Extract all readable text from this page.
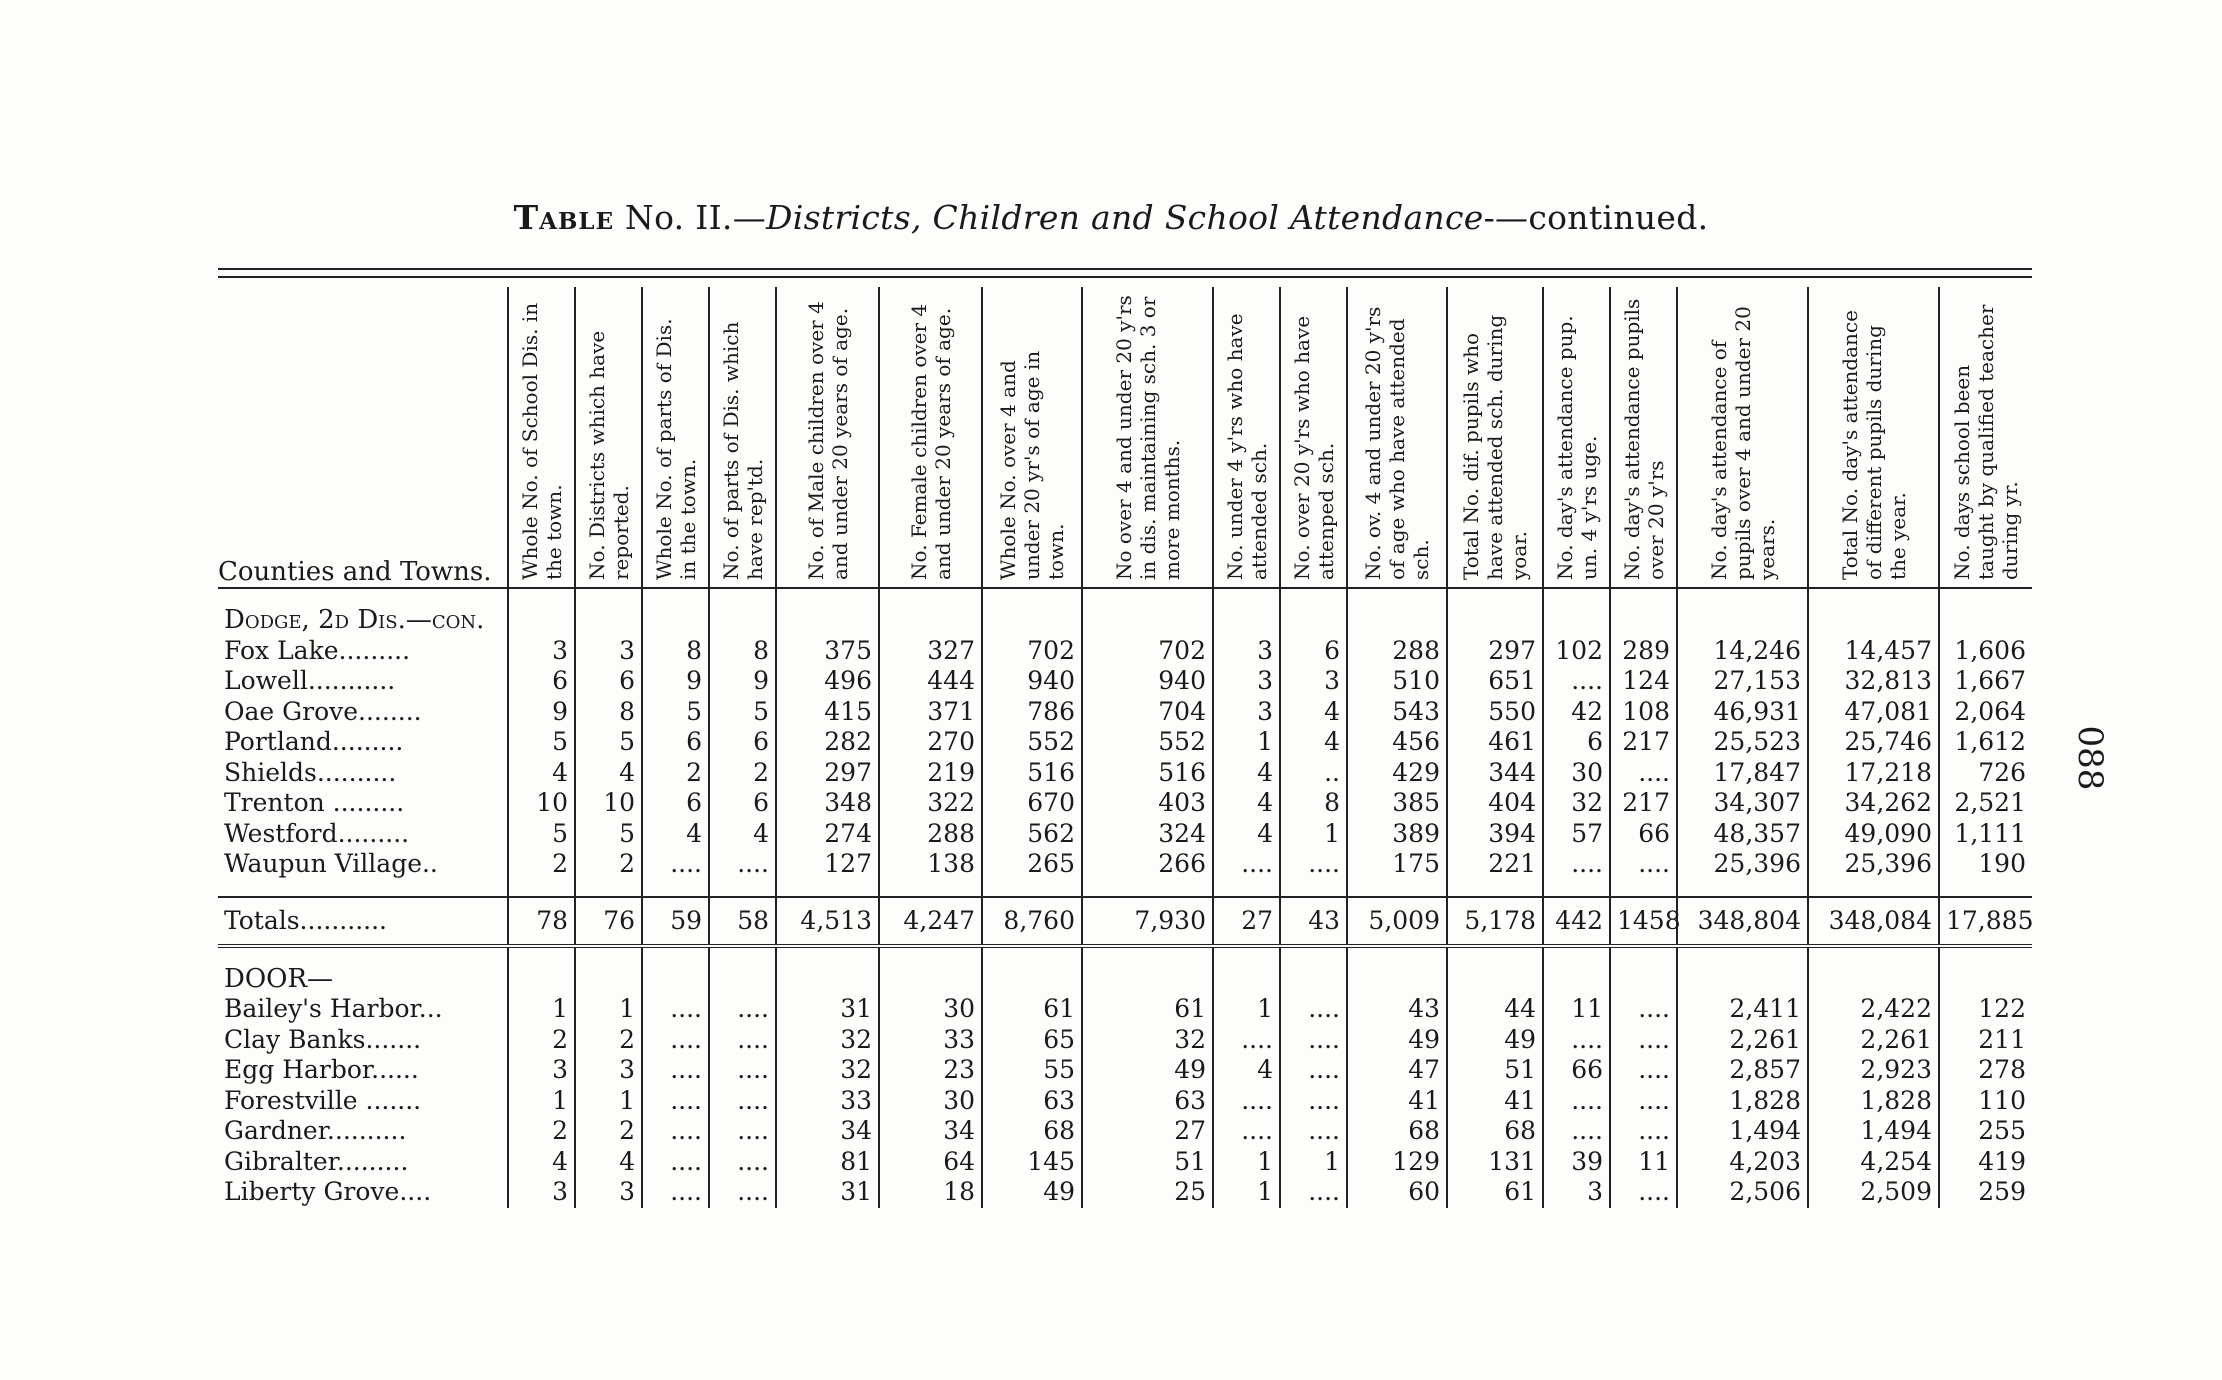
Table No. II.—Districts, Children and School Attendance-—continued.
088
Counties and Towns.	Whole No. of School Dis. in the town.	No. Districts which have reported.	Whole No. of parts of Dis. in the town.	No. of parts of Dis. which have rep'td.	No. of Male children over 4 and under 20 years of age.	No. Female children over 4 and under 20 years of age.	Whole No. over 4 and under 20 yr's of age in town.	No over 4 and under 20 y'rs in dis. maintaining sch. 3 or more months.	No. under 4 y'rs who have attended sch.	No. over 20 y'rs who have attenped sch.	No. ov. 4 and under 20 y'rs of age who have attended sch.	Total No. dif. pupils who have attended sch. during yoar.	No. day's attendance pup. un. 4 y'rs uge.	No. day's attendance pupils over 20 y'rs	No. day's attendance of pupils over 4 and under 20 years.	Total No. day's attendance of different pupils during the year.	No. days school been taught by qualified teacher during yr.

Dodge, 2d Dis.—con.																	
Fox Lake.........	3	3	8	8	375	327	702	702	3	6	288	297	102	289	14,246	14,457	1,606
Lowell...........	6	6	9	9	496	444	940	940	3	3	510	651	....	124	27,153	32,813	1,667
Oae Grove........	9	8	5	5	415	371	786	704	3	4	543	550	42	108	46,931	47,081	2,064
Portland.........	5	5	6	6	282	270	552	552	1	4	456	461	6	217	25,523	25,746	1,612
Shields..........	4	4	2	2	297	219	516	516	4	..	429	344	30	....	17,847	17,218	726
Trenton .........	10	10	6	6	348	322	670	403	4	8	385	404	32	217	34,307	34,262	2,521
Westford.........	5	5	4	4	274	288	562	324	4	1	389	394	57	66	48,357	49,090	1,111
Waupun Village..	2	2	....	....	127	138	265	266	....	....	175	221	....	....	25,396	25,396	190

Totals...........	78	76	59	58	4,513	4,247	8,760	7,930	27	43	5,009	5,178	442	1458	348,804	348,084	17,885

DOOR—																	
Bailey's Harbor...	1	1	....	....	31	30	61	61	1	....	43	44	11	....	2,411	2,422	122
Clay Banks.......	2	2	....	....	32	33	65	32	....	....	49	49	....	....	2,261	2,261	211
Egg Harbor......	3	3	....	....	32	23	55	49	4	....	47	51	66	....	2,857	2,923	278
Forestville .......	1	1	....	....	33	30	63	63	....	....	41	41	....	....	1,828	1,828	110
Gardner..........	2	2	....	....	34	34	68	27	....	....	68	68	....	....	1,494	1,494	255
Gibralter.........	4	4	....	....	81	64	145	51	1	1	129	131	39	11	4,203	4,254	419
Liberty Grove....	3	3	....	....	31	18	49	25	1	....	60	61	3	....	2,506	2,509	259
